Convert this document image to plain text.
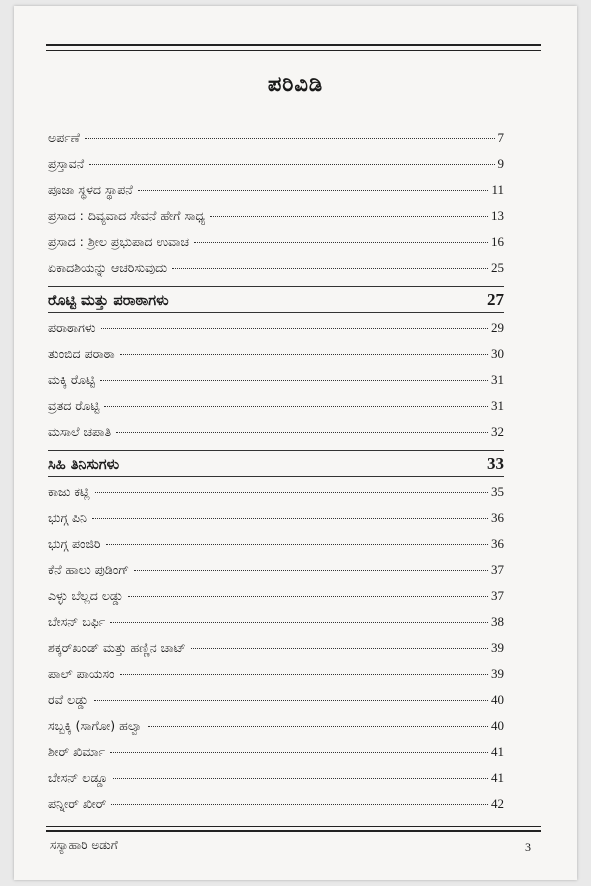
ಪರಿವಿಡಿ
ಅರ್ಪಣೆ	7
ಪ್ರಸ್ತಾವನೆ	9
ಪೂಜಾ ಸ್ಥಳದ ಸ್ಥಾಪನೆ	11
ಪ್ರಸಾದ : ದಿವ್ಯವಾದ ಸೇವನೆ ಹೇಗೆ ಸಾಧ್ಯ	13
ಪ್ರಸಾದ : ಶ್ರೀಲ ಪ್ರಭುಪಾದ ಉವಾಚ	16
ಏಕಾದಶಿಯನ್ನು ಆಚರಿಸುವುದು	25
ರೊಟ್ಟಿ ಮತ್ತು ಪರಾಠಾಗಳು	27
ಪರಾಠಾಗಳು	29
ತುಂಬಿದ ಪರಾಠಾ	30
ಮಕ್ಕಿ ರೊಟ್ಟಿ	31
ವ್ರತದ ರೊಟ್ಟಿ	31
ಮಸಾಲೆ ಚಪಾತಿ	32
ಸಿಹಿ ತಿನಿಸುಗಳು	33
ಕಾಜು ಕಟ್ಲಿ	35
ಭುಗ್ಗ ಪಿನಿ	36
ಭುಗ್ಗ ಪಂಜಿರಿ	36
ಕೆನೆ ಹಾಲು ಪುಡಿಂಗ್	37
ಎಳ್ಳು ಬೆಲ್ಲದ ಲಡ್ಡು	37
ಬೇಸನ್ ಬರ್ಫಿ	38
ಶಕ್ಕರ್‌ಖಂಡ್ ಮತ್ತು ಹಣ್ಣಿನ ಚಾಟ್	39
ಪಾಲ್ ಪಾಯಸಂ	39
ರವೆ ಲಡ್ಡು	40
ಸಬ್ಬಕ್ಕಿ (ಸಾಗೋ) ಹಲ್ವಾ	40
ಶೀರ್ ಖಿರ್ಮಾ	41
ಬೇಸನ್ ಲಡ್ಡೂ	41
ಪನ್ನೀರ್ ಖೀರ್	42
ಸಸ್ಯಾಹಾರಿ ಅಡುಗೆ	3
